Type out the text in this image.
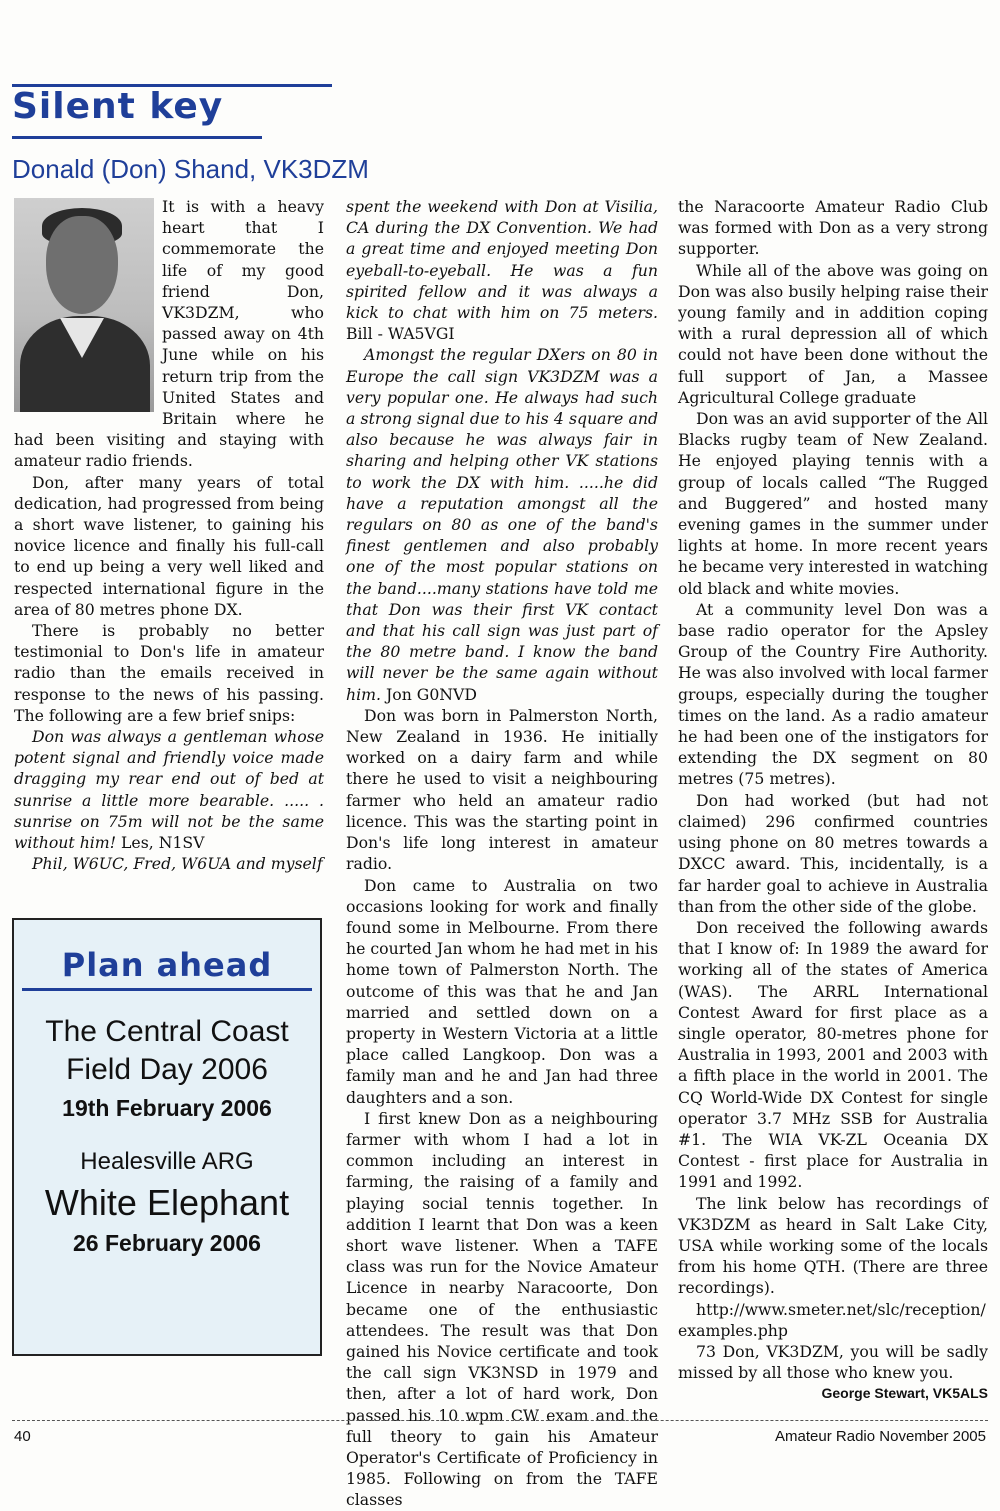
Silent key
Donald (Don) Shand, VK3DZM

It is with a heavy heart that I commemorate the life of my good friend Don, VK3DZM, who passed away on 4th June while on his return trip from the United States and Britain where he had been visiting and staying with amateur radio friends.

Don, after many years of total dedication, had progressed from being a short wave listener, to gaining his novice licence and finally his full-call to end up being a very well liked and respected international figure in the area of 80 metres phone DX.

There is probably no better testimonial to Don's life in amateur radio than the emails received in response to the news of his passing. The following are a few brief snips:

Don was always a gentleman whose potent signal and friendly voice made dragging my rear end out of bed at sunrise a little more bearable. ..... . sunrise on 75m will not be the same without him! Les, N1SV

Phil, W6UC, Fred, W6UA and myself

spent the weekend with Don at Visilia, CA during the DX Convention. We had a great time and enjoyed meeting Don eyeball-to-eyeball. He was a fun spirited fellow and it was always a kick to chat with him on 75 meters. Bill - WA5VGI

Amongst the regular DXers on 80 in Europe the call sign VK3DZM was a very popular one. He always had such a strong signal due to his 4 square and also because he was always fair in sharing and helping other VK stations to work the DX with him. .....he did have a reputation amongst all the regulars on 80 as one of the band's finest gentlemen and also probably one of the most popular stations on the band....many stations have told me that Don was their first VK contact and that his call sign was just part of the 80 metre band. I know the band will never be the same again without him. Jon G0NVD

Don was born in Palmerston North, New Zealand in 1936. He initially worked on a dairy farm and while there he used to visit a neighbouring farmer who held an amateur radio licence. This was the starting point in Don's life long interest in amateur radio.

Don came to Australia on two occasions looking for work and finally found some in Melbourne. From there he courted Jan whom he had met in his home town of Palmerston North. The outcome of this was that he and Jan married and settled down on a property in Western Victoria at a little place called Langkoop. Don was a family man and he and Jan had three daughters and a son.

I first knew Don as a neighbouring farmer with whom I had a lot in common including an interest in farming, the raising of a family and playing social tennis together. In addition I learnt that Don was a keen short wave listener. When a TAFE class was run for the Novice Amateur Licence in nearby Naracoorte, Don became one of the enthusiastic attendees. The result was that Don gained his Novice certificate and took the call sign VK3NSD in 1979 and then, after a lot of hard work, Don passed his 10 wpm CW exam and the full theory to gain his Amateur Operator's Certificate of Proficiency in 1985. Following on from the TAFE classes

the Naracoorte Amateur Radio Club was formed with Don as a very strong supporter.

While all of the above was going on Don was also busily helping raise their young family and in addition coping with a rural depression all of which could not have been done without the full support of Jan, a Massee Agricultural College graduate

Don was an avid supporter of the All Blacks rugby team of New Zealand. He enjoyed playing tennis with a group of locals called “The Rugged and Buggered” and hosted many evening games in the summer under lights at home. In more recent years he became very interested in watching old black and white movies.

At a community level Don was a base radio operator for the Apsley Group of the Country Fire Authority. He was also involved with local farmer groups, especially during the tougher times on the land. As a radio amateur he had been one of the instigators for extending the DX segment on 80 metres (75 metres).

Don had worked (but had not claimed) 296 confirmed countries using phone on 80 metres towards a DXCC award. This, incidentally, is a far harder goal to achieve in Australia than from the other side of the globe.

Don received the following awards that I know of: In 1989 the award for working all of the states of America (WAS). The ARRL International Contest Award for first place as a single operator, 80-metres phone for Australia in 1993, 2001 and 2003 with a fifth place in the world in 2001. The CQ World-Wide DX Contest for single operator 3.7 MHz SSB for Australia #1. The WIA VK-ZL Oceania DX Contest - first place for Australia in 1991 and 1992.

The link below has recordings of VK3DZM as heard in Salt Lake City, USA while working some of the locals from his home QTH. (There are three recordings).

http://www.smeter.net/slc/reception/ examples.php

73 Don, VK3DZM, you will be sadly missed by all those who knew you.

George Stewart, VK5ALS

Plan ahead
The Central Coast Field Day 2006
19th February 2006
Healesville ARG
White Elephant
26 February 2006
40	Amateur Radio November 2005
